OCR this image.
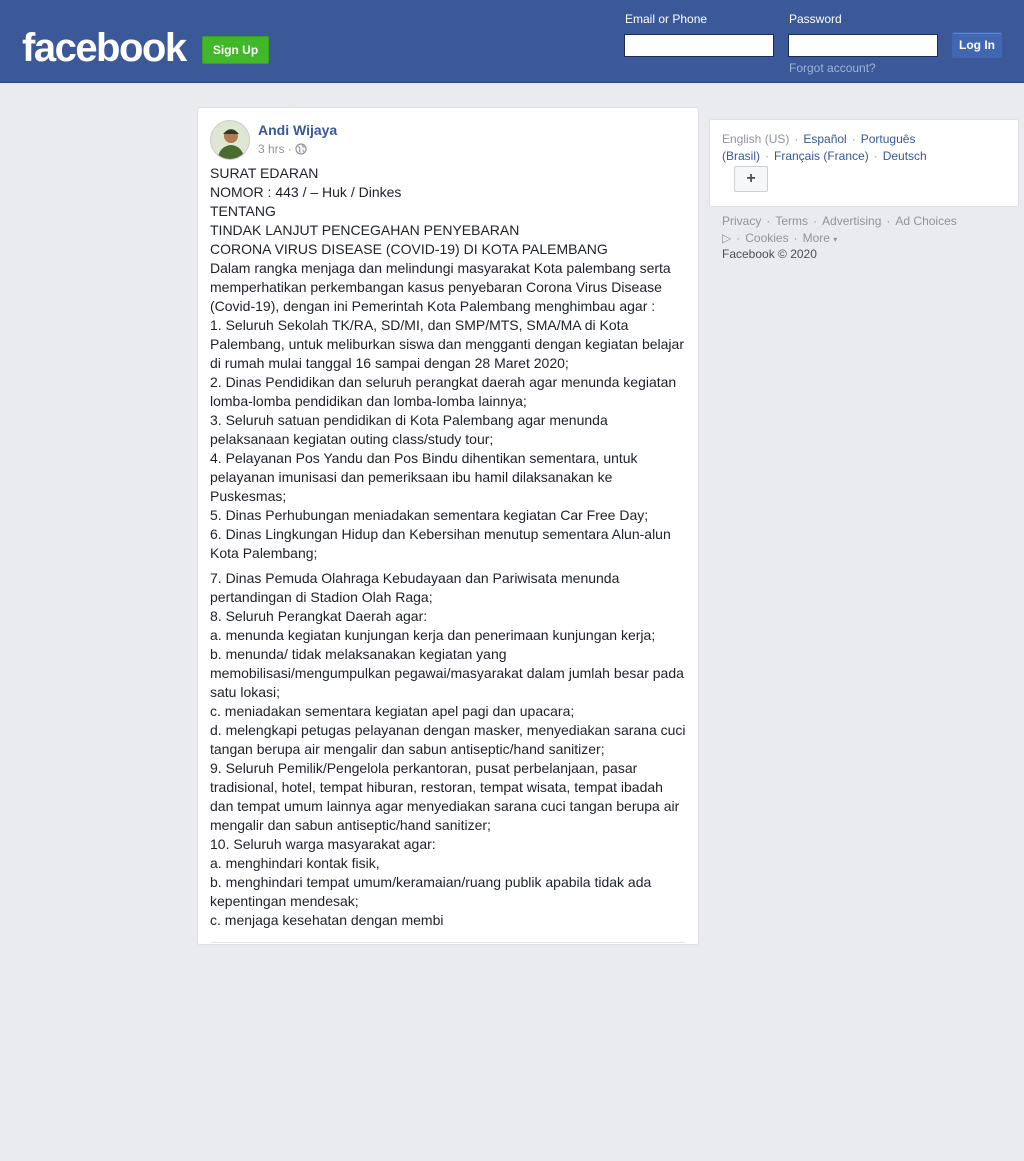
facebook	Sign Up
Email or Phone	Password
Log In
Forgot account?
Andi Wijaya
3 hrs ·

SURAT EDARAN
NOMOR : 443 / – Huk / Dinkes
TENTANG
TINDAK LANJUT PENCEGAHAN PENYEBARAN
CORONA VIRUS DISEASE (COVID-19) DI KOTA PALEMBANG
Dalam rangka menjaga dan melindungi masyarakat Kota palembang serta memperhatikan perkembangan kasus penyebaran Corona Virus Disease (Covid-19), dengan ini Pemerintah Kota Palembang menghimbau agar :
1. Seluruh Sekolah TK/RA, SD/MI, dan SMP/MTS, SMA/MA di Kota Palembang, untuk meliburkan siswa dan mengganti dengan kegiatan belajar di rumah mulai tanggal 16 sampai dengan 28 Maret 2020;
2. Dinas Pendidikan dan seluruh perangkat daerah agar menunda kegiatan lomba-lomba pendidikan dan lomba-lomba lainnya;
3. Seluruh satuan pendidikan di Kota Palembang agar menunda pelaksanaan kegiatan outing class/study tour;
4. Pelayanan Pos Yandu dan Pos Bindu dihentikan sementara, untuk pelayanan imunisasi dan pemeriksaan ibu hamil dilaksanakan ke Puskesmas;
5. Dinas Perhubungan meniadakan sementara kegiatan Car Free Day;
6. Dinas Lingkungan Hidup dan Kebersihan menutup sementara Alun-alun Kota Palembang;

7. Dinas Pemuda Olahraga Kebudayaan dan Pariwisata menunda pertandingan di Stadion Olah Raga;
8. Seluruh Perangkat Daerah agar:
a. menunda kegiatan kunjungan kerja dan penerimaan kunjungan kerja;
b. menunda/ tidak melaksanakan kegiatan yang memobilisasi/mengumpulkan pegawai/masyarakat dalam jumlah besar pada satu lokasi;
c. meniadakan sementara kegiatan apel pagi dan upacara;
d. melengkapi petugas pelayanan dengan masker, menyediakan sarana cuci tangan berupa air mengalir dan sabun antiseptic/hand sanitizer;
9. Seluruh Pemilik/Pengelola perkantoran, pusat perbelanjaan, pasar tradisional, hotel, tempat hiburan, restoran, tempat wisata, tempat ibadah dan tempat umum lainnya agar menyediakan sarana cuci tangan berupa air mengalir dan sabun antiseptic/hand sanitizer;
10. Seluruh warga masyarakat agar:
a. menghindari kontak fisik,
b. menghindari tempat umum/keramaian/ruang publik apabila tidak ada kepentingan mendesak;
c. menjaga kesehatan dengan membi

English (US) · Español · Português (Brasil) · Français (France) · Deutsch
+
Privacy · Terms · Advertising · Ad Choices ▷ · Cookies · More ▾
Facebook © 2020
